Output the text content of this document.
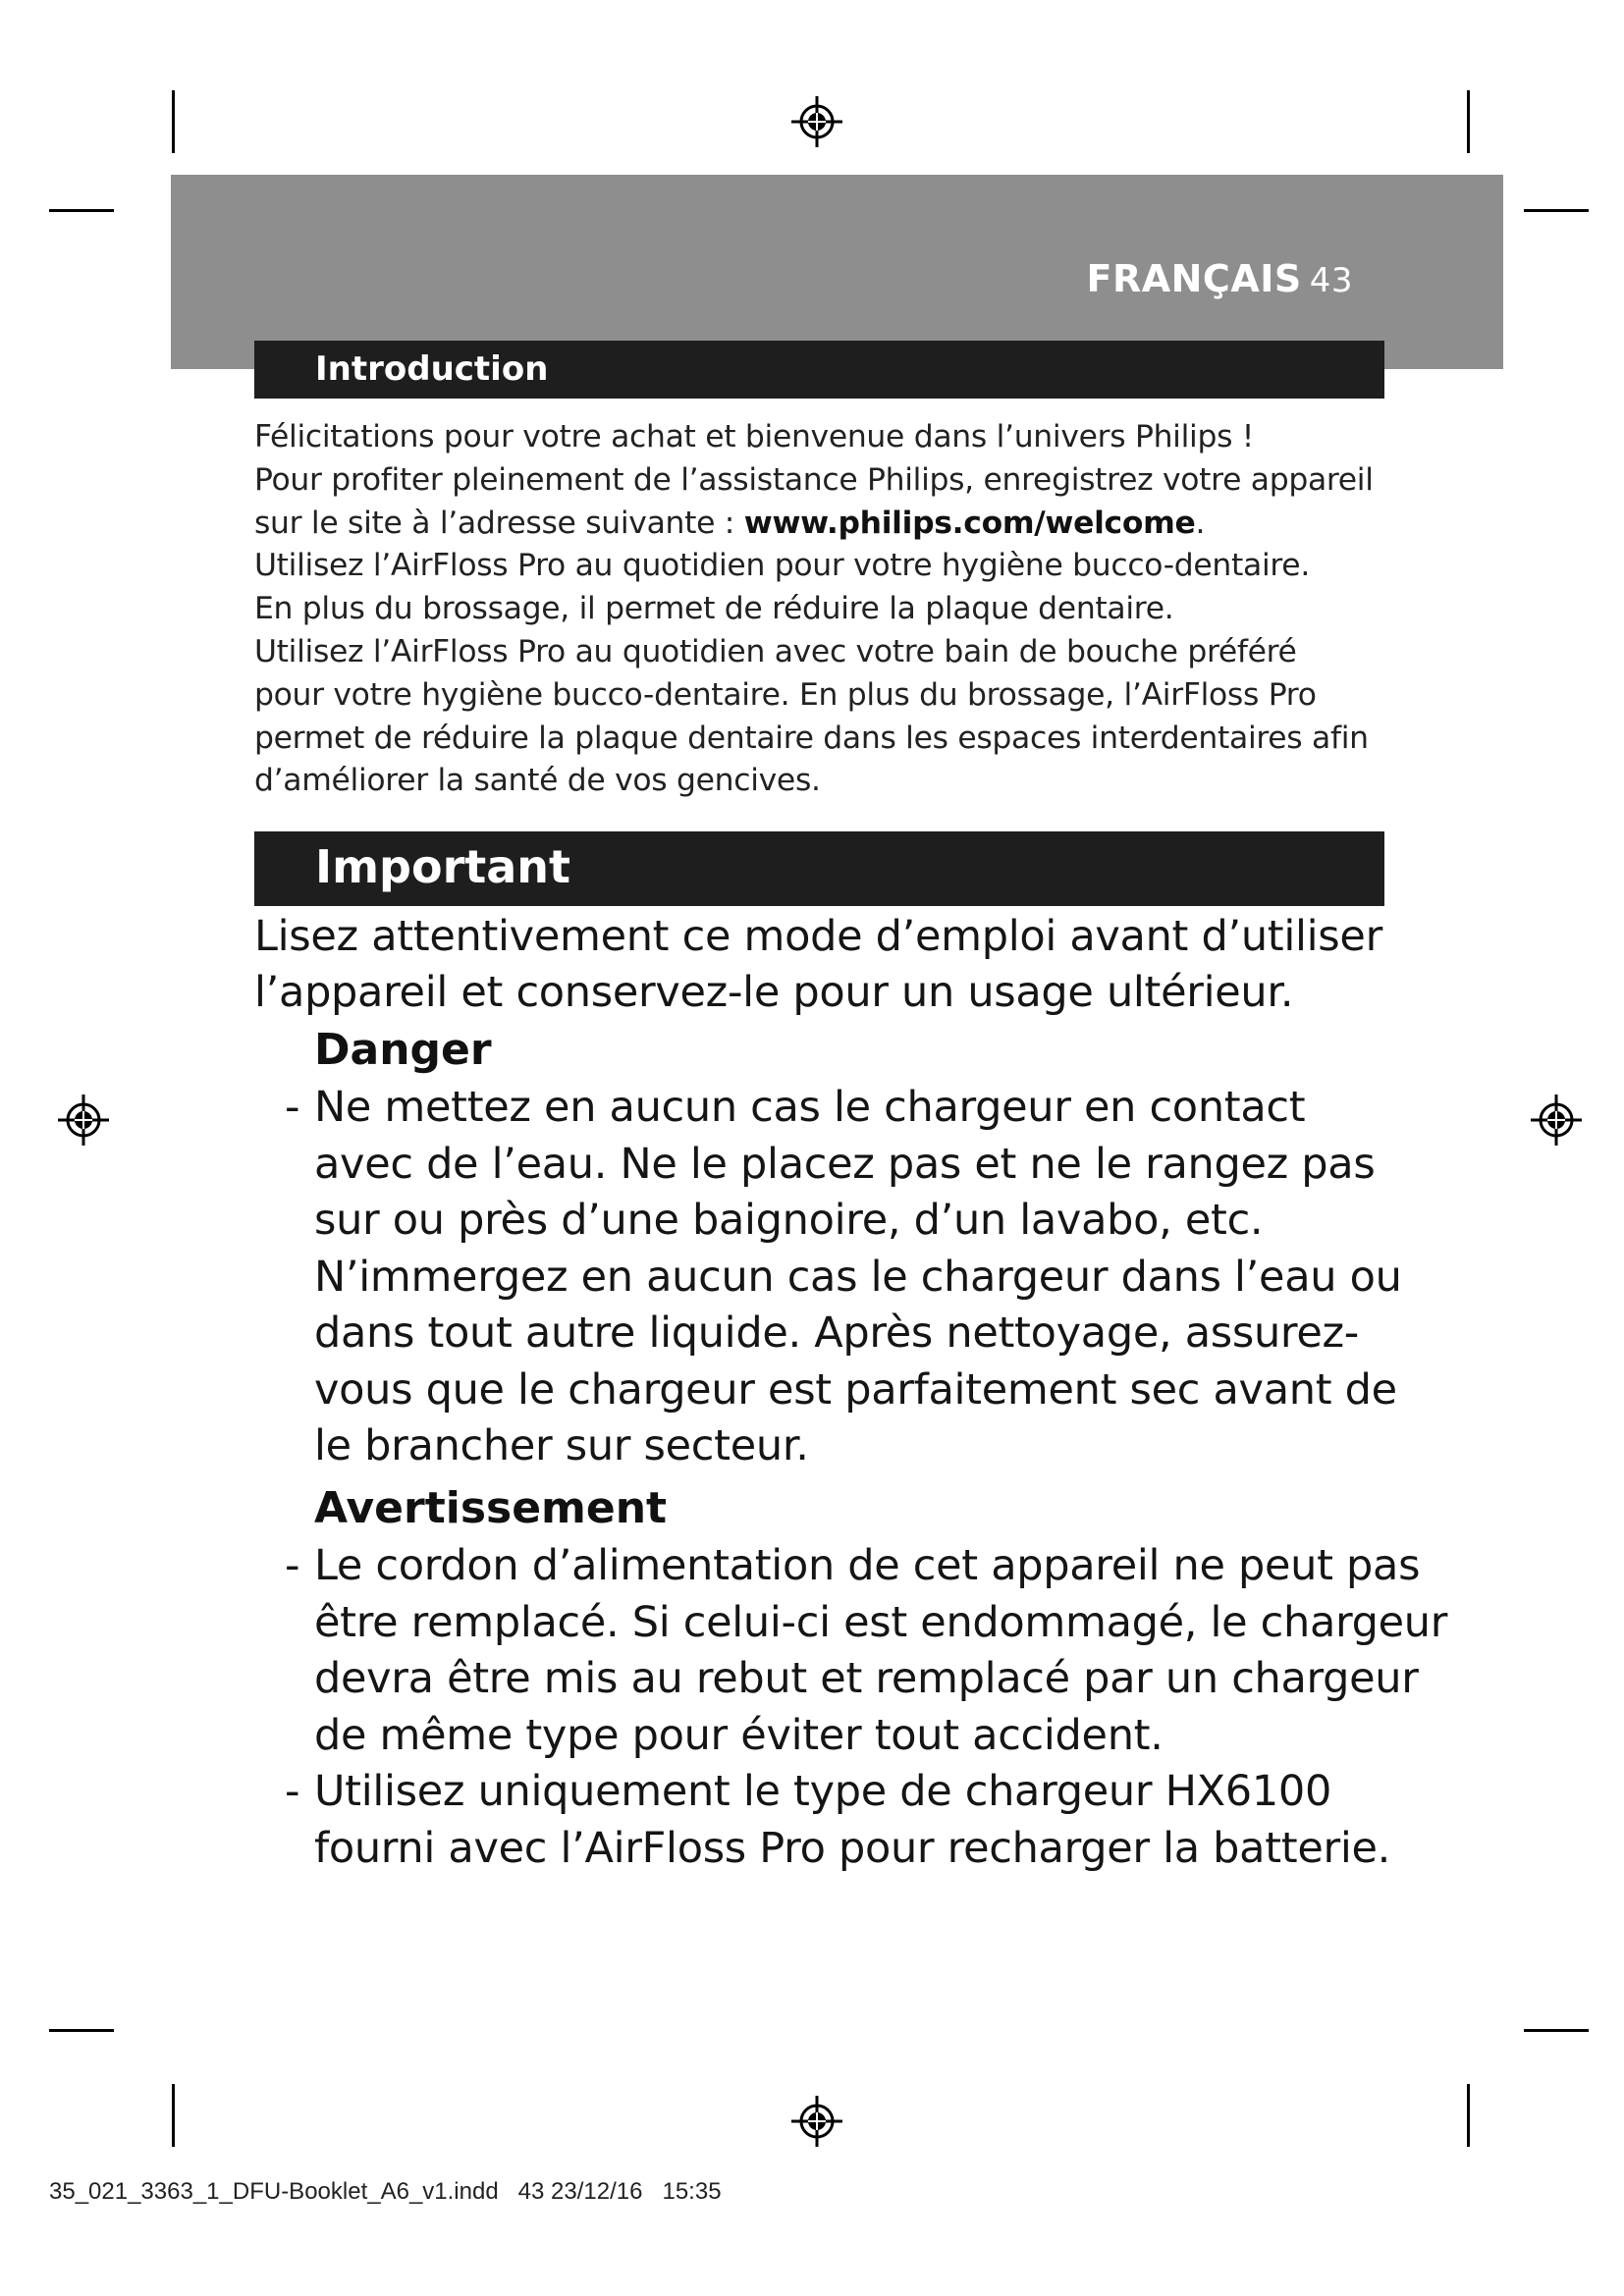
FRANÇAIS 43
Introduction
Félicitations pour votre achat et bienvenue dans l’univers Philips !
Pour profiter pleinement de l’assistance Philips, enregistrez votre appareil
sur le site à l’adresse suivante : www.philips.com/welcome.
Utilisez l’AirFloss Pro au quotidien pour votre hygiène bucco-dentaire.
En plus du brossage, il permet de réduire la plaque dentaire.
Utilisez l’AirFloss Pro au quotidien avec votre bain de bouche préféré
pour votre hygiène bucco-dentaire. En plus du brossage, l’AirFloss Pro
permet de réduire la plaque dentaire dans les espaces interdentaires afin
d’améliorer la santé de vos gencives.
Important
Lisez attentivement ce mode d’emploi avant d’utiliser
l’appareil et conservez-le pour un usage ultérieur.
Danger
- Ne mettez en aucun cas le chargeur en contact
avec de l’eau. Ne le placez pas et ne le rangez pas
sur ou près d’une baignoire, d’un lavabo, etc.
N’immergez en aucun cas le chargeur dans l’eau ou
dans tout autre liquide. Après nettoyage, assurez-
vous que le chargeur est parfaitement sec avant de
le brancher sur secteur.
Avertissement
- Le cordon d’alimentation de cet appareil ne peut pas
être remplacé. Si celui-ci est endommagé, le chargeur
devra être mis au rebut et remplacé par un chargeur
de même type pour éviter tout accident.
- Utilisez uniquement le type de chargeur HX6100
fourni avec l’AirFloss Pro pour recharger la batterie.
35_021_3363_1_DFU-Booklet_A6_v1.indd   43 23/12/16 15:35
